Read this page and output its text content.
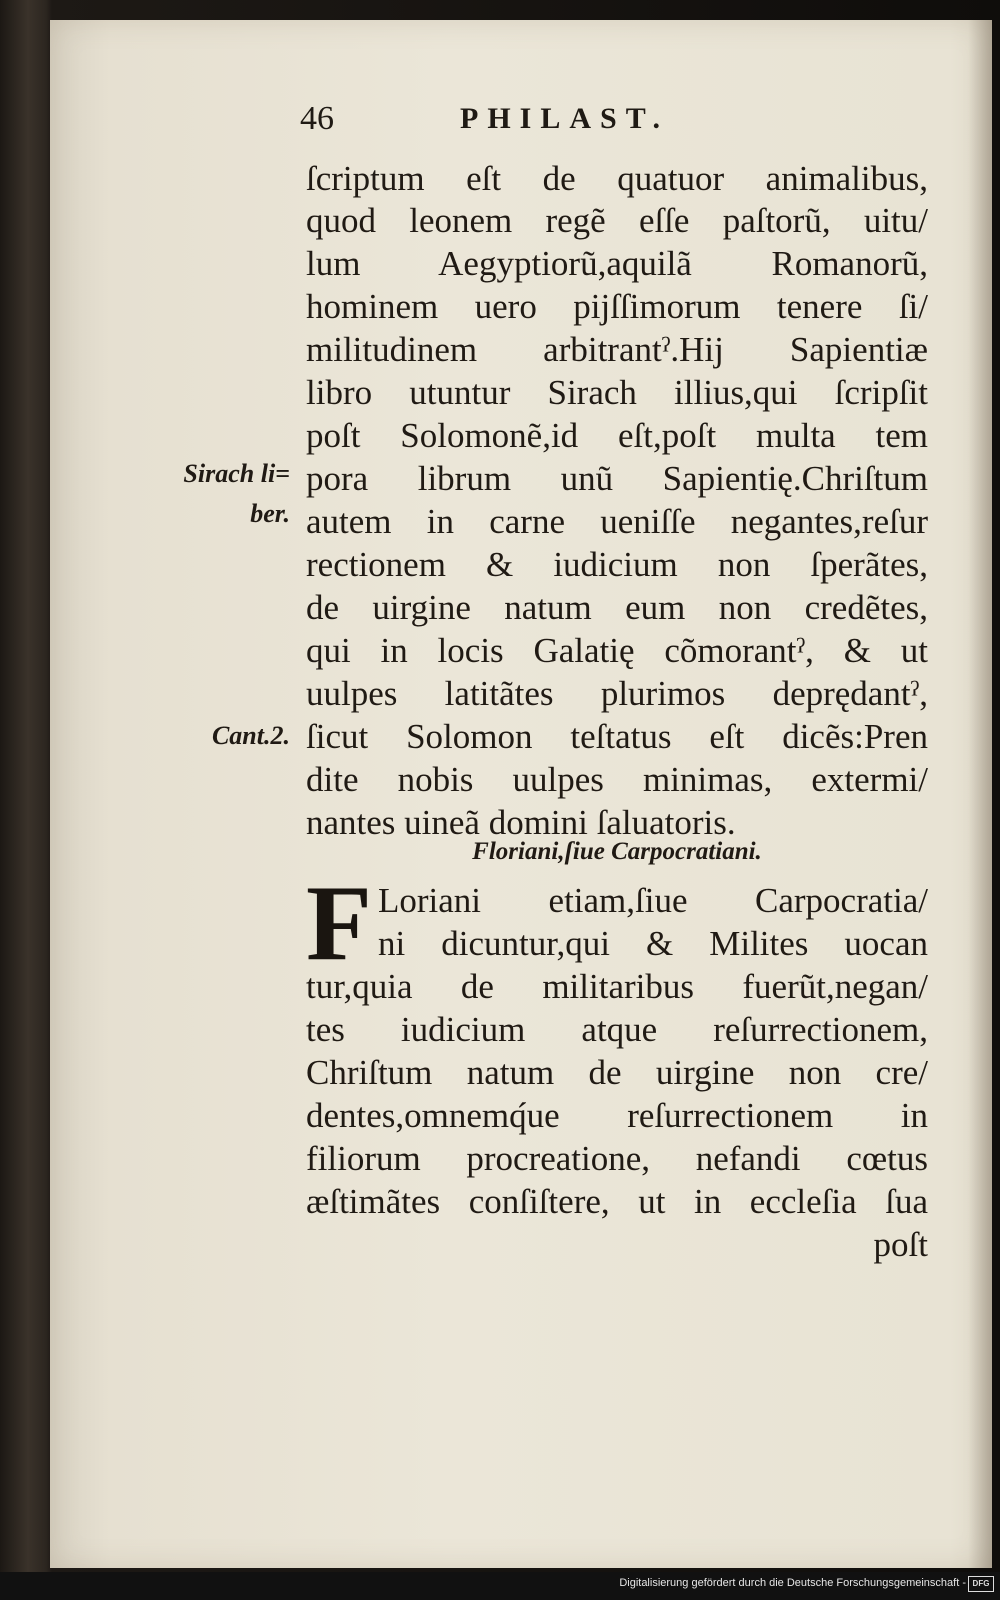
46	PHILAST.
ſcriptum eſt de quatuor animalibus,
quod leonem regẽ eſſe paſtorũ, uitu/
lum Aegyptiorũ,aquilã Romanorũ,
hominem uero pijſſimorum tenere ſi/
militudinem arbitrantˀ.Hij Sapientiæ
libro utuntur Sirach illius,qui ſcripſit
poſt Solomonẽ,id eſt,poſt multa tem
pora librum unũ Sapientię.Chriſtum
autem in carne ueniſſe negantes,reſur
rectionem & iudicium non ſperãtes,
de uirgine natum eum non credẽtes,
qui in locis Galatię cõmorantˀ, & ut
uulpes latitãtes plurimos deprędantˀ,
ſicut Solomon teſtatus eſt dicẽs:Pren
dite nobis uulpes minimas, extermi/
nantes uineã domini ſaluatoris.
Sirach li=
ber.
Cant.2.
Floriani,ſiue Carpocratiani.
F Loriani etiam,ſiue Carpocratia/
ni dicuntur,qui & Milites uocan
tur,quia de militaribus fuerũt,negan/
tes iudicium atque reſurrectionem,
Chriſtum natum de uirgine non cre/
dentes,omnemq́ue reſurrectionem in
filiorum procreatione, nefandi cœtus
æſtimãtes conſiſtere, ut in eccleſia ſua
poſt
Digitalisierung gefördert durch die Deutsche Forschungsgemeinschaft - DFG
